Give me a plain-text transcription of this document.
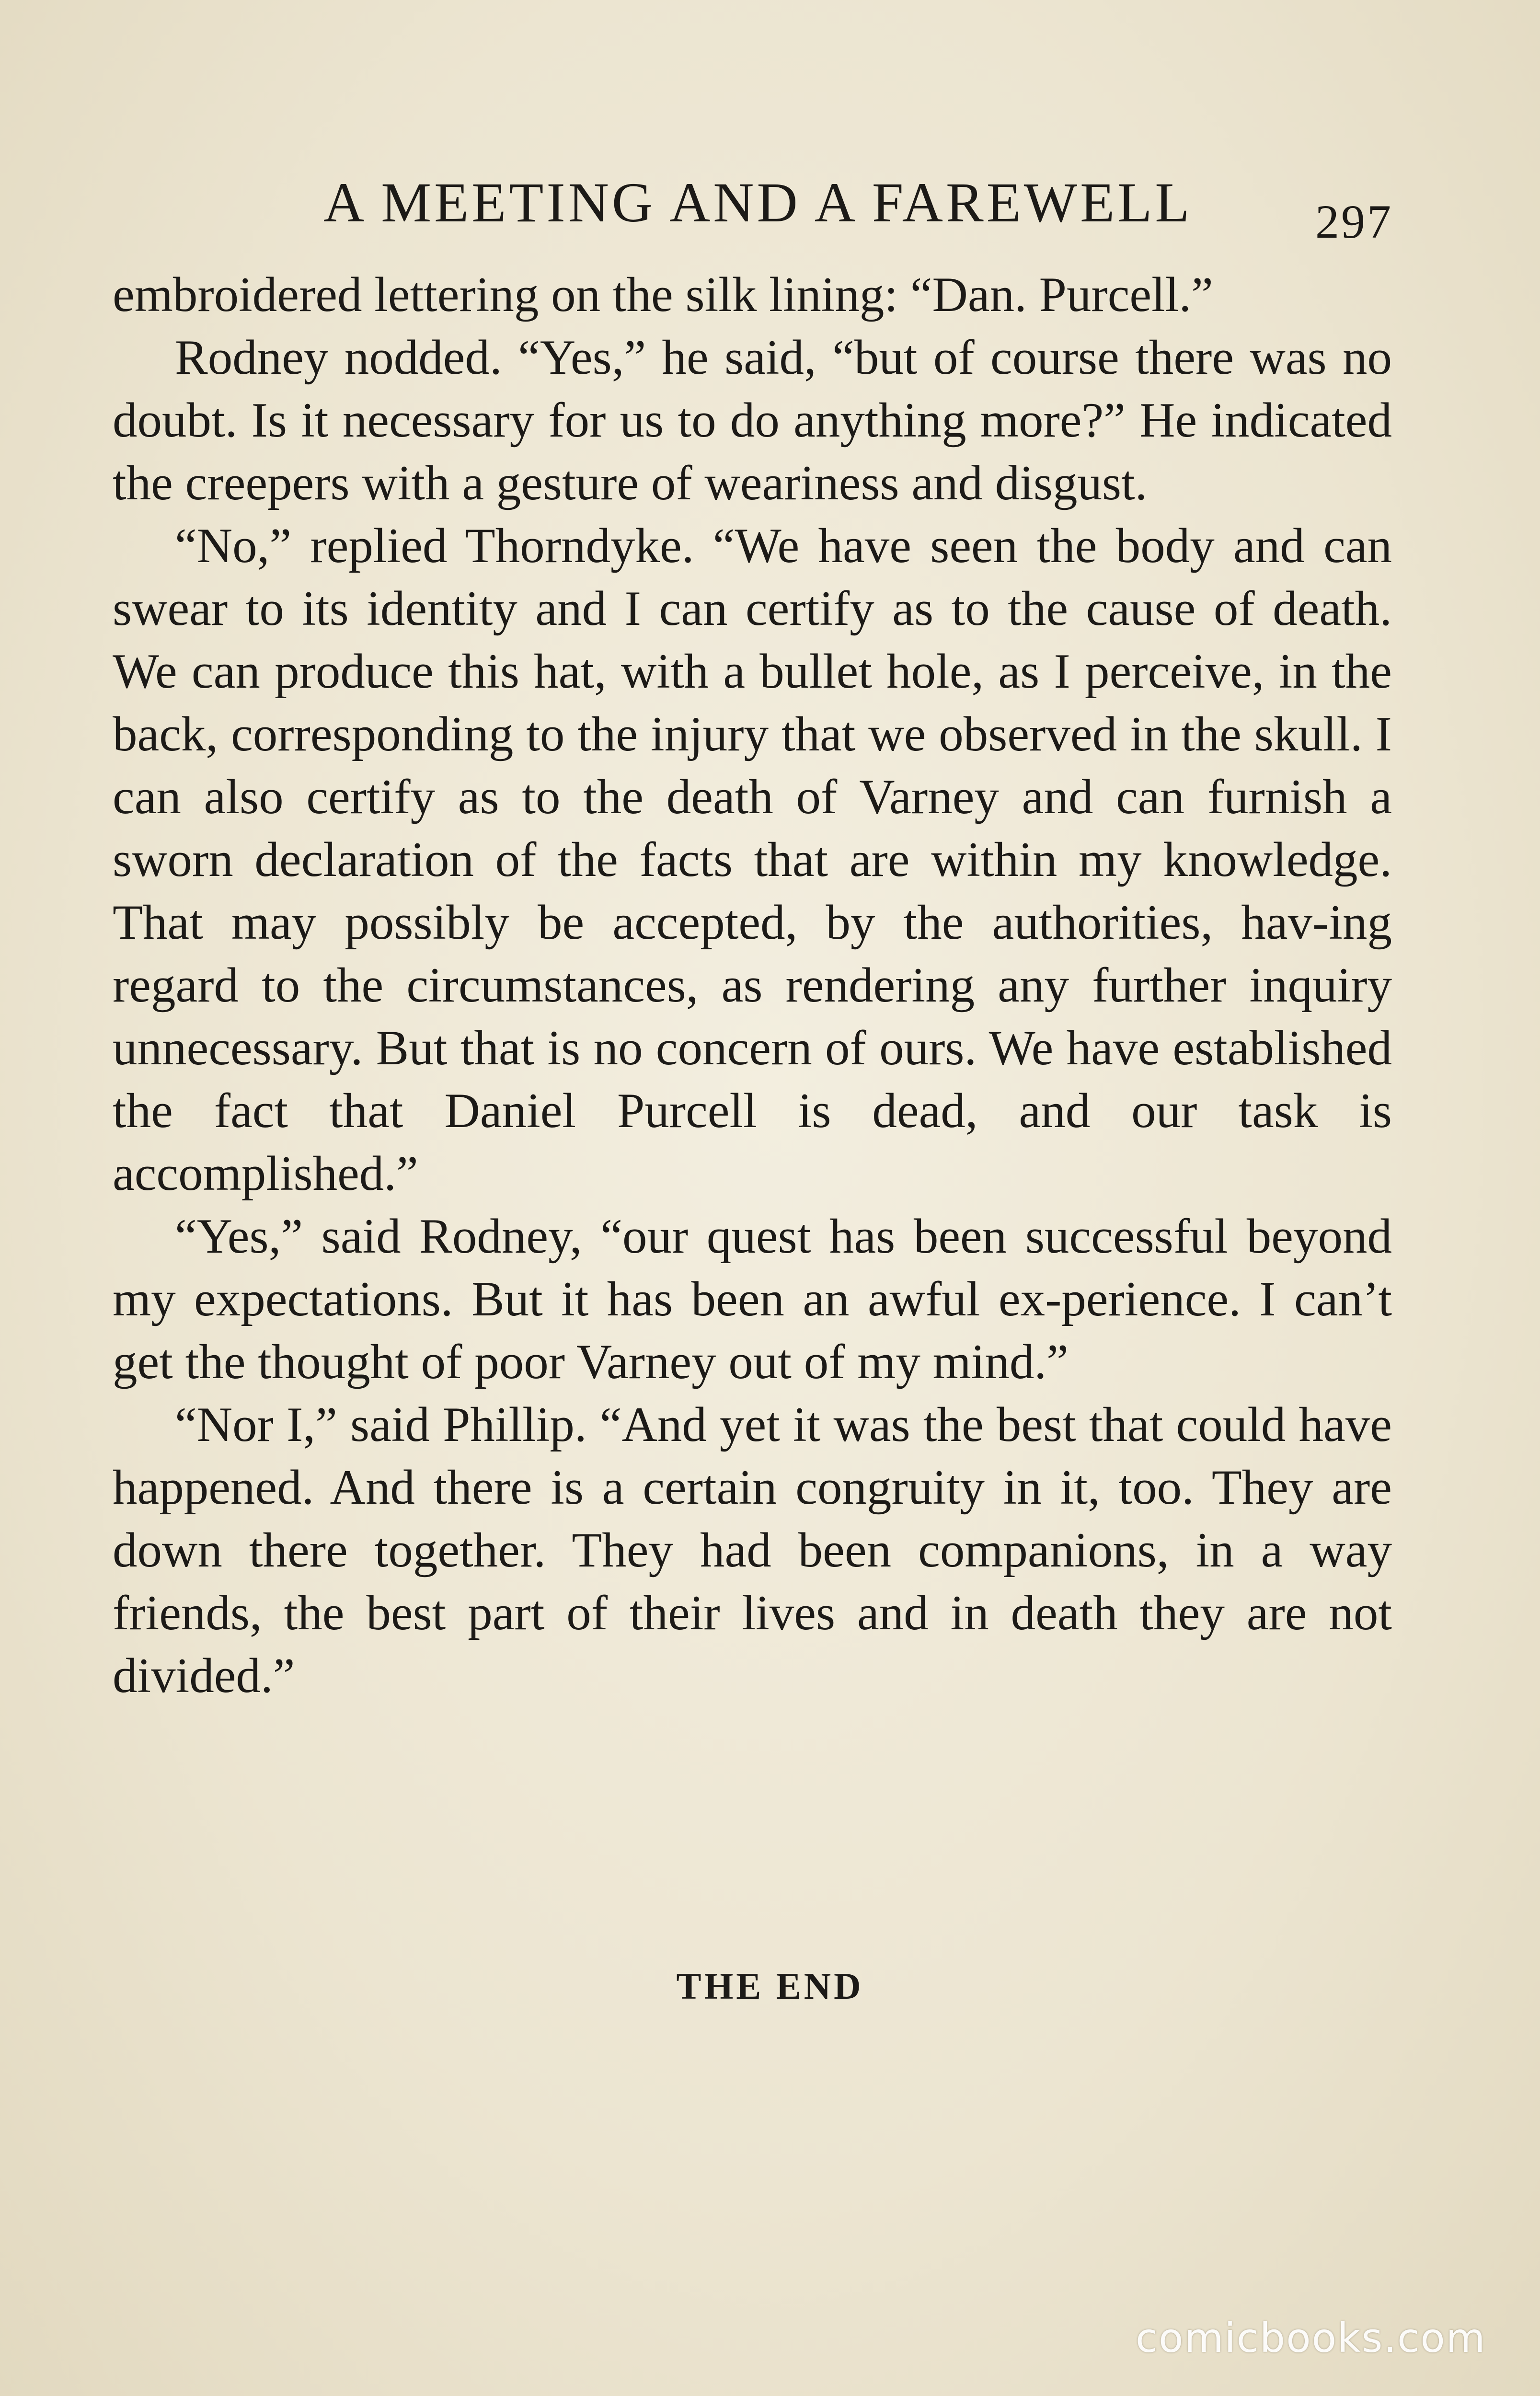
A MEETING AND A FAREWELL	297

embroidered lettering on the silk lining: “Dan. Purcell.”

Rodney nodded. “Yes,” he said, “but of course there was no doubt. Is it necessary for us to do anything more?” He indicated the creepers with a gesture of weariness and disgust.

“No,” replied Thorndyke. “We have seen the body and can swear to its identity and I can certify as to the cause of death. We can produce this hat, with a bullet hole, as I perceive, in the back, corresponding to the injury that we observed in the skull. I can also certify as to the death of Varney and can furnish a sworn declaration of the facts that are within my knowledge. That may possibly be accepted, by the authorities, hav-ing regard to the circumstances, as rendering any further inquiry unnecessary. But that is no concern of ours. We have established the fact that Daniel Purcell is dead, and our task is accomplished.”

“Yes,” said Rodney, “our quest has been successful beyond my expectations. But it has been an awful ex-perience. I can’t get the thought of poor Varney out of my mind.”

“Nor I,” said Phillip. “And yet it was the best that could have happened. And there is a certain congruity in it, too. They are down there together. They had been companions, in a way friends, the best part of their lives and in death they are not divided.”

THE END
comicbooks.com
